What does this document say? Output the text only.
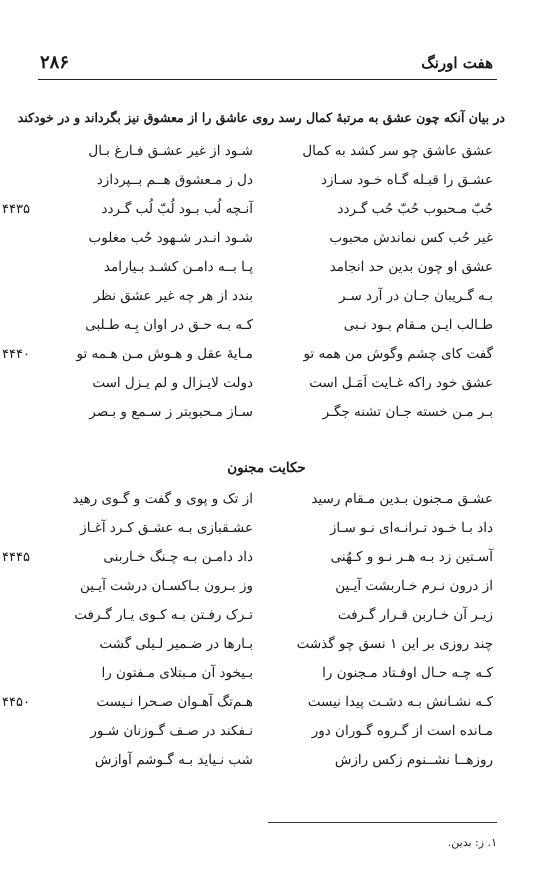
۲۸۶	هفت اورنگ
در بیان آنکه چون عشق به مرتبۀ کمال رسد روی عاشق را از معشوق نیز بگرداند و در خودکند
عشق عاشق چو سر کشد به کمال
شـود از غیر عشـق فـارغ بـال
عشـق را قبـله گـاه خـود سـازد
دل ز مـعشوق هــم بــپردازد
حُبّ مـحبوب حُبّ حُب گـردد
آنـچه لُب بـود لُبّ لُب گـردد
۴۴۳۵
غیر حُب کس نماندش محبوب
شـود انـدر شـهود حُب مغلوب
عشق او چون بدین حد انجامد
پـا بــه دامـن کشـد بـیارامد
بـه گـریبان جـان در آرد سـر
بندد از هر چه غیر عشق نظر
طـالب ایـن مـقام بـود نـبی
کـه بـه حـق در اوان بِـه طـلبی
گفت کای چشم وگوش من همه تو
مـایۀ عقل و هـوش مـن هـمه تو
۴۴۴۰
عشق خود راکه غـایت اَمَـل است
دولت لایـزال و لم یـزل است
بـر مـن خسته جـان تشنه جگـر
سـاز مـحبوبتر ز سـمع و بـصر
حکایت مجنون
عشـق مـجنون بـدین مـقام رسید
از تک و پوی و گفت و گـوی رهید
داد بـا خـود تـرانـه‌ای نـو سـاز
عشـقبازی بـه عشـق کـرد آغـاز
آسـتین زد بـه هـر نـو و کـهُنی
داد دامـن بـه چـنگ خـاربنی
۴۴۴۵
از درون نـرم خـاربشت آیـین
وز بـرون بـاکسـان درشت آیـین
زیـر آن خـاربن قـرار گـرفت
تـرک رفـتن بـه کـوی یـار گـرفت
چند روزی بر این ۱ نسق چو گذشت
بـارها در ضـمیر لـیلی گشت
کـه چـه حـال اوفـتاد مـجنون را
بـیخود آن مـبتلای مـفتون را
کـه نشـانش بـه دشـت پیدا نیست
هـم‌تگ آهـوان صـحرا نـیست
۴۴۵۰
مـانده است از گـروه گـوران دور
نـفکند در صـف گـوزنان شـور
روزهــا نشــنوم زکس رازش
شب نـیاید بـه گـوشم آوازش
۱. ز: بدین.
